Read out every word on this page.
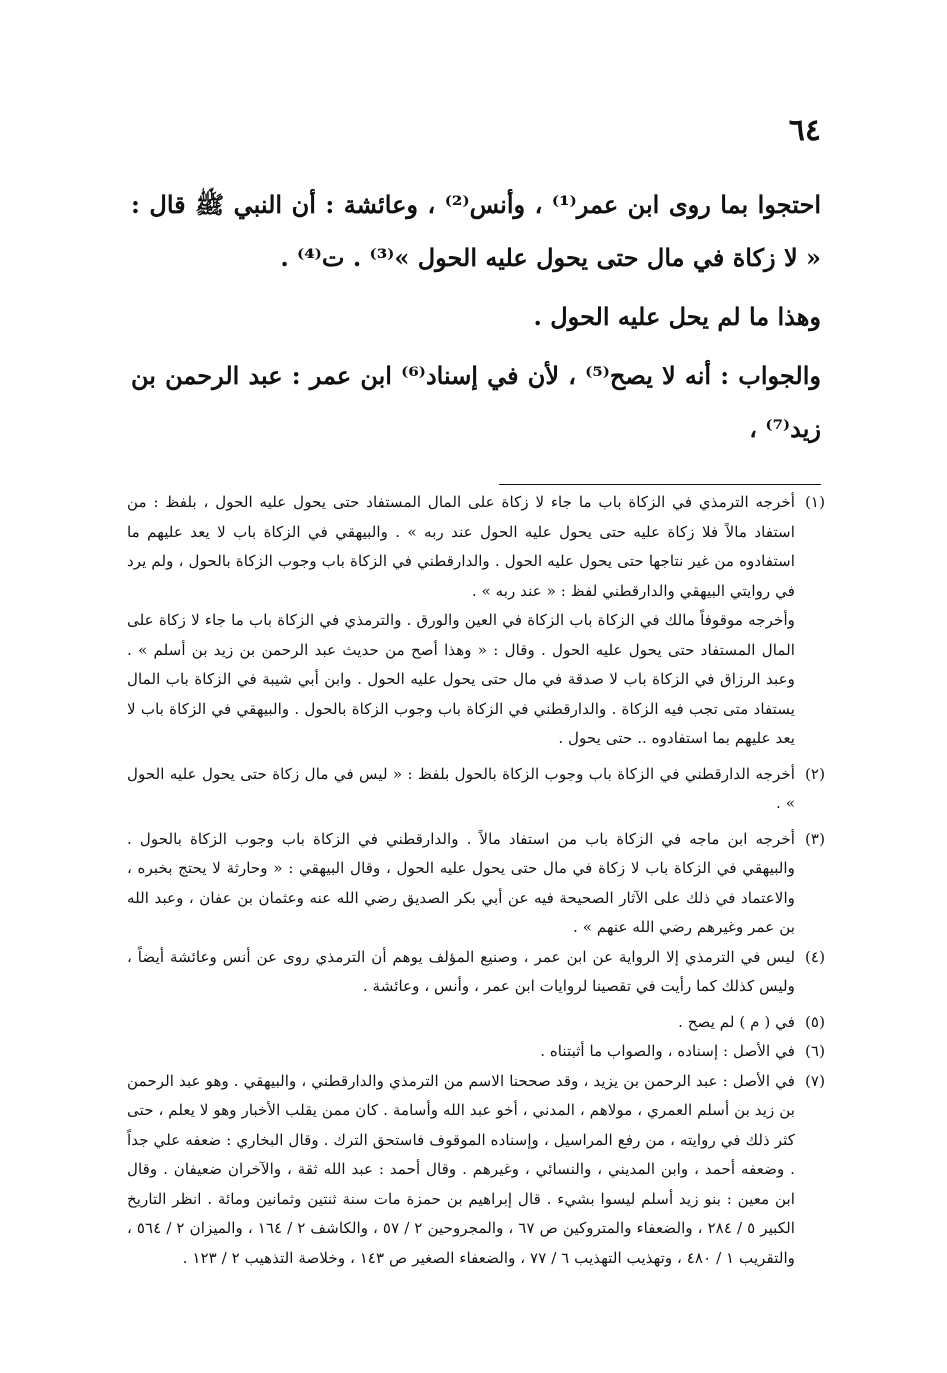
٦٤

احتجوا بما روى ابن عمر⁽¹⁾ ، وأنس⁽²⁾ ، وعائشة : أن النبي ﷺ قال : « لا زكاة في مال حتى يحول عليه الحول »⁽³⁾ . ت⁽⁴⁾ .

وهذا ما لم يحل عليه الحول .

والجواب : أنه لا يصح⁽⁵⁾ ، لأن في إسناد⁽⁶⁾ ابن عمر : عبد الرحمن بن زيد⁽⁷⁾ ،

(١)
أخرجه الترمذي في الزكاة باب ما جاء لا زكاة على المال المستفاد حتى يحول عليه الحول ، بلفظ : من استفاد مالاً فلا زكاة عليه حتى يحول عليه الحول عند ربه » . والبيهقي في الزكاة باب لا يعد عليهم ما استفادوه من غير نتاجها حتى يحول عليه الحول . والدارقطني في الزكاة باب وجوب الزكاة بالحول ، ولم يرد في روايتي البيهقي والدارقطني لفظ : « عند ربه » .

وأخرجه موقوفاً مالك في الزكاة باب الزكاة في العين والورق . والترمذي في الزكاة باب ما جاء لا زكاة على المال المستفاد حتى يحول عليه الحول . وقال : « وهذا أصح من حديث عبد الرحمن بن زيد بن أسلم » . وعبد الرزاق في الزكاة باب لا صدقة في مال حتى يحول عليه الحول . وابن أبي شيبة في الزكاة باب المال يستفاد متى تجب فيه الزكاة . والدارقطني في الزكاة باب وجوب الزكاة بالحول . والبيهقي في الزكاة باب لا يعد عليهم بما استفادوه .. حتى يحول .

(٢)
أخرجه الدارقطني في الزكاة باب وجوب الزكاة بالحول بلفظ : « ليس في مال زكاة حتى يحول عليه الحول » .

(٣)
أخرجه ابن ماجه في الزكاة باب من استفاد مالاً . والدارقطني في الزكاة باب وجوب الزكاة بالحول . والبيهقي في الزكاة باب لا زكاة في مال حتى يحول عليه الحول ، وقال البيهقي : « وحارثة لا يحتج بخبره ، والاعتماد في ذلك على الآثار الصحيحة فيه عن أبي بكر الصديق رضي الله عنه وعثمان بن عفان ، وعبد الله بن عمر وغيرهم رضي الله عنهم » .

(٤)
ليس في الترمذي إلا الرواية عن ابن عمر ، وصنيع المؤلف يوهم أن الترمذي روى عن أنس وعائشة أيضاً ، وليس كذلك كما رأيت في تقصينا لروايات ابن عمر ، وأنس ، وعائشة .

(٥)
في ( م ) لم يصح .

(٦)
في الأصل : إسناده ، والصواب ما أثبتناه .

(٧)
في الأصل : عبد الرحمن بن يزيد ، وقد صححنا الاسم من الترمذي والدارقطني ، والبيهقي . وهو عبد الرحمن بن زيد بن أسلم العمري ، مولاهم ، المدني ، أخو عبد الله وأسامة . كان ممن يقلب الأخبار وهو لا يعلم ، حتى كثر ذلك في روايته ، من رفع المراسيل ، وإسناده الموقوف فاستحق الترك . وقال البخاري : ضعفه علي جداً . وضعفه أحمد ، وابن المديني ، والنسائي ، وغيرهم . وقال أحمد : عبد الله ثقة ، والآخران ضعيفان . وقال ابن معين : بنو زيد أسلم ليسوا بشيء . قال إبراهيم بن حمزة مات سنة ثنتين وثمانين ومائة . انظر التاريخ الكبير ٥ / ٢٨٤ ، والضعفاء والمتروكين ص ٦٧ ، والمجروحين ٢ / ٥٧ ، والكاشف ٢ / ١٦٤ ، والميزان ٢ / ٥٦٤ ، والتقريب ١ / ٤٨٠ ، وتهذيب التهذيب ٦ / ٧٧ ، والضعفاء الصغير ص ١٤٣ ، وخلاصة التذهيب ٢ / ١٢٣ .
